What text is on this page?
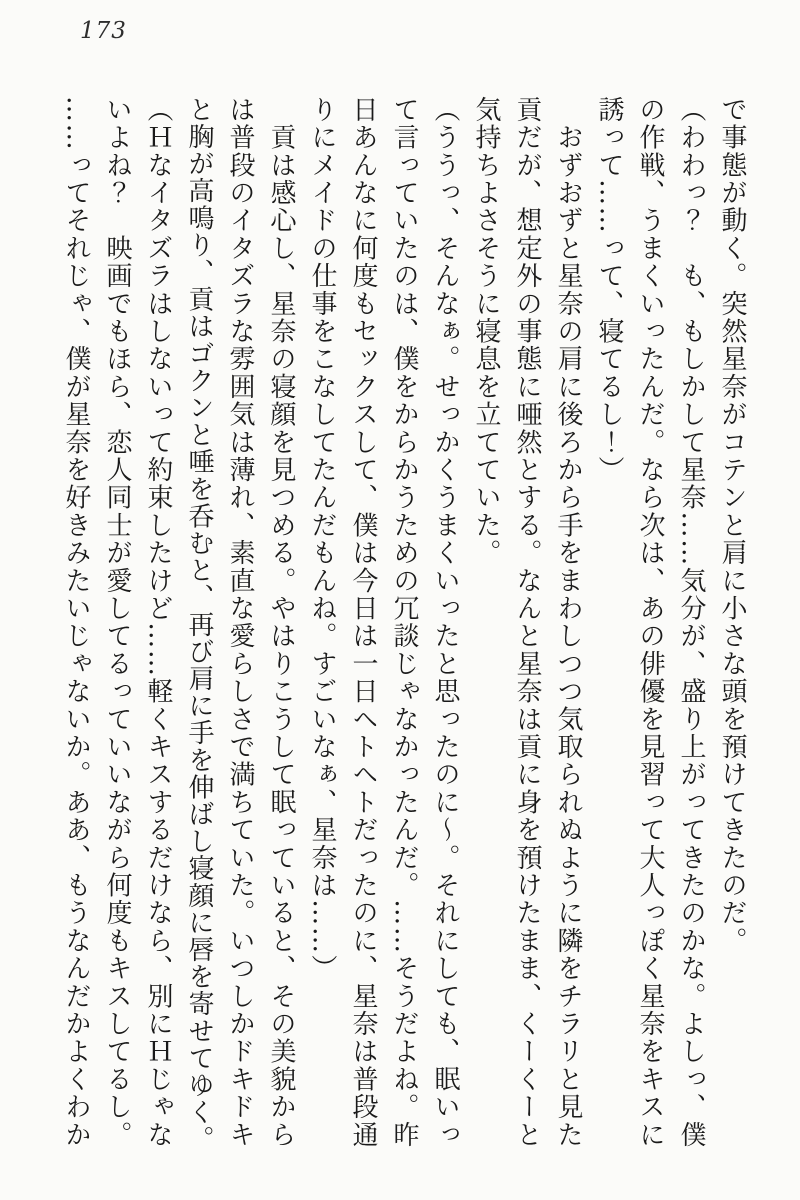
173
で事態が動く。突然星奈がコテンと肩に小さな頭を預けてきたのだ。
（わわっ？　も、もしかして星奈……気分が、盛り上がってきたのかな。よしっ、僕
の作戦、うまくいったんだ。なら次は、あの俳優を見習って大人っぽく星奈をキスに
誘って……って、寝てるし！）
　おずおずと星奈の肩に後ろから手をまわしつつ気取られぬように隣をチラリと見た
貢だが、想定外の事態に唖然とする。なんと星奈は貢に身を預けたまま、くーくーと
気持ちよさそうに寝息を立てていた。
（ううっ、そんなぁ。せっかくうまくいったと思ったのに〜。それにしても、眠いっ
て言っていたのは、僕をからかうための冗談じゃなかったんだ。……そうだよね。昨
日あんなに何度もセックスして、僕は今日は一日ヘトヘトだったのに、星奈は普段通
りにメイドの仕事をこなしてたんだもんね。すごいなぁ、星奈は……）
　貢は感心し、星奈の寝顔を見つめる。やはりこうして眠っていると、その美貌から
は普段のイタズラな雰囲気は薄れ、素直な愛らしさで満ちていた。いつしかドキドキ
と胸が高鳴り、貢はゴクンと唾を呑むと、再び肩に手を伸ばし寝顔に唇を寄せてゆく。
（Ｈなイタズラはしないって約束したけど……軽くキスするだけなら、別にＨじゃな
いよね？　映画でもほら、恋人同士が愛してるっていいながら何度もキスしてるし。
……ってそれじゃ、僕が星奈を好きみたいじゃないか。ああ、もうなんだかよくわか
